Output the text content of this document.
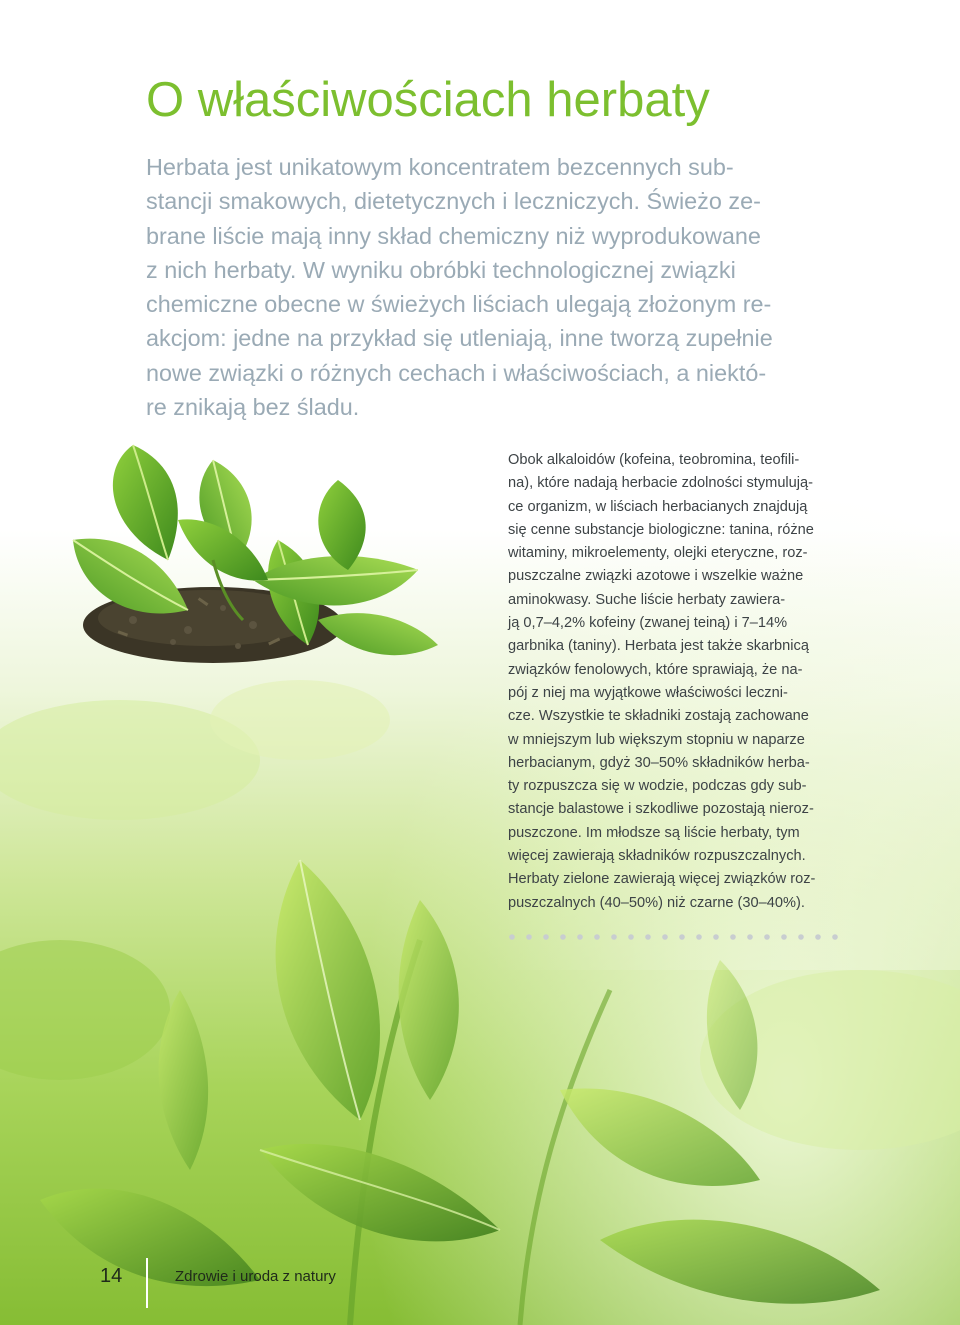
O właściwościach herbaty

Herbata jest unikatowym koncentratem bezcennych sub-
stancji smakowych, dietetycznych i leczniczych. Świeżo ze-
brane liście mają inny skład chemiczny niż wyprodukowane
z nich herbaty. W wyniku obróbki technologicznej związki
chemiczne obecne w świeżych liściach ulegają złożonym re-
akcjom: jedne na przykład się utleniają, inne tworzą zupełnie
nowe związki o różnych cechach i właściwościach, a niektó-
re znikają bez śladu.

Obok alkaloidów (kofeina, teobromina, teofili-
na), które nadają herbacie zdolności stymulują-
ce organizm, w liściach herbacianych znajdują
się cenne substancje biologiczne: tanina, różne
witaminy, mikroelementy, olejki eteryczne, roz-
puszczalne związki azotowe i wszelkie ważne
aminokwasy. Suche liście herbaty zawiera-
ją 0,7–4,2% kofeiny (zwanej teiną) i 7–14%
garbnika (taniny). Herbata jest także skarbnicą
związków fenolowych, które sprawiają, że na-
pój z niej ma wyjątkowe właściwości leczni-
cze. Wszystkie te składniki zostają zachowane
w mniejszym lub większym stopniu w naparze
herbacianym, gdyż 30–50% składników herba-
ty rozpuszcza się w wodzie, podczas gdy sub-
stancje balastowe i szkodliwe pozostają nieroz-
puszczone. Im młodsze są liście herbaty, tym
więcej zawierają składników rozpuszczalnych.
Herbaty zielone zawierają więcej związków roz-
puszczalnych (40–50%) niż czarne (30–40%).

14	Zdrowie i uroda z natury
